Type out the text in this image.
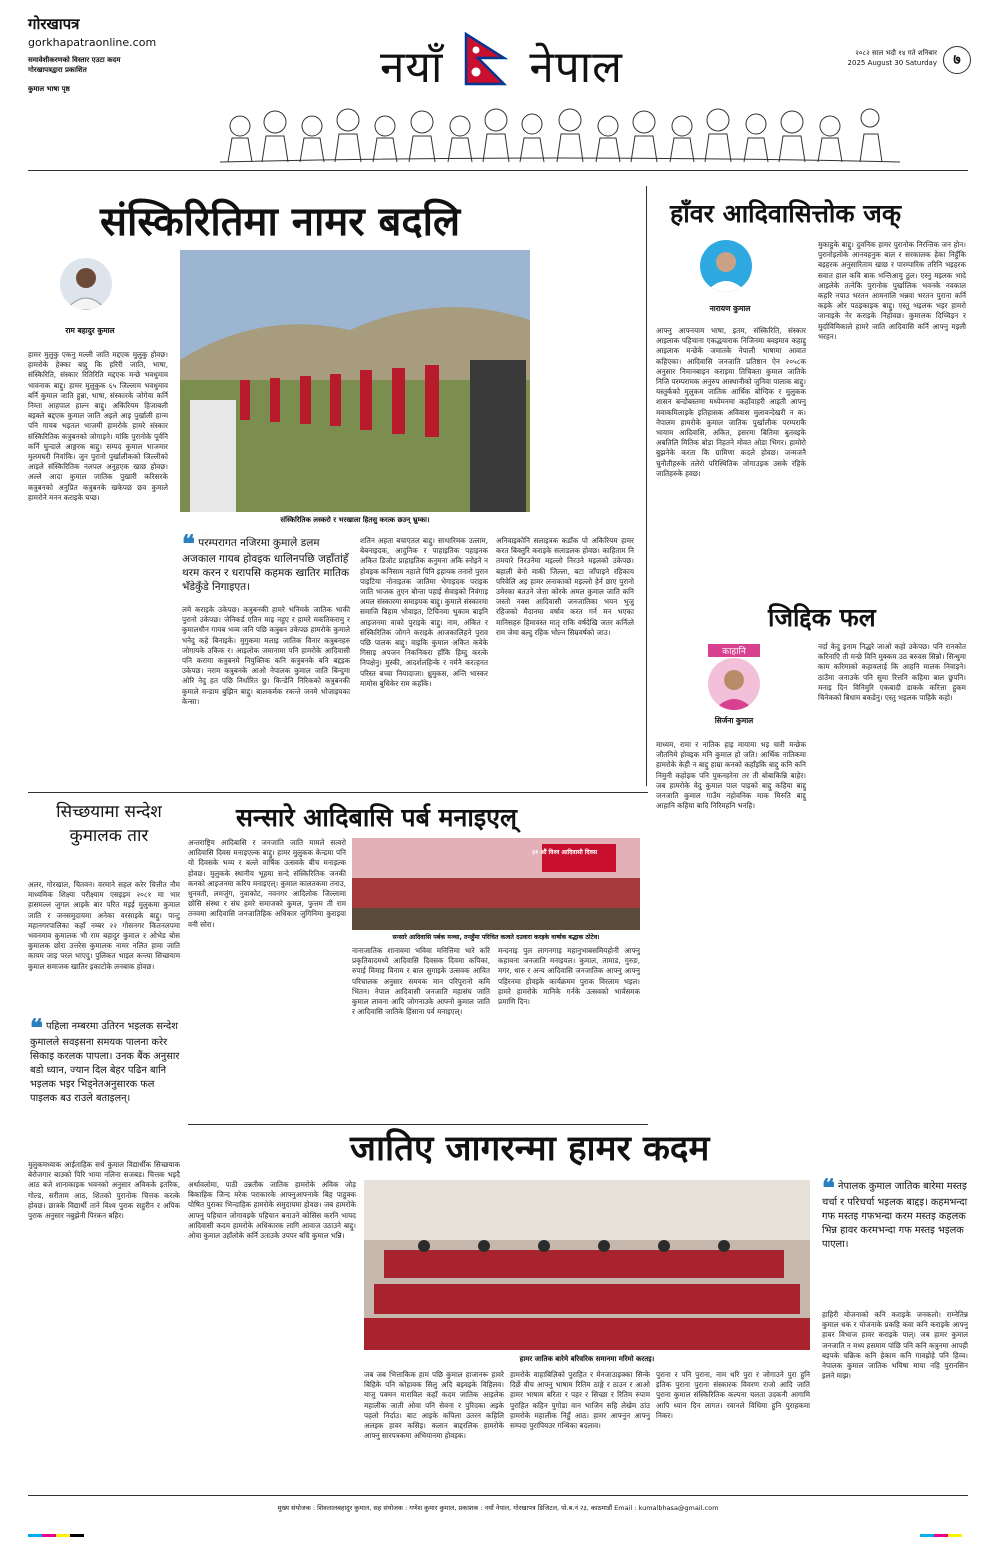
गोरखापत्र
gorkhapatraonline.com
समावेशीकरणको विस्तार एउटा कदम
गोरखापत्रद्वारा प्रकाशित
कुमाल भाषा पृष्ठ	नयाँ नेपाल	२०८२ साल भदौ १४ गते शनिबार
2025 August 30 Saturday	७
संस्किरितिमा नामर बदलि
राम बहादुर कुमाल
संस्किरितिक लस्कराे र भरखाला हितसु करत्क छउन् भ्रुम्का।
हामर मुलुकु एकनु मल्ली जाति मद्दएक मुलुकु होवछ। हामरोके हेक्का बाद्दु कि हरिरी जाति, भाषा, संस्किरिति, संस्कार रितिरिति मद्दएक मन्छे भवधुमाव भावनाक बाद्दु। हामर मुलुकुक ६५ जिल्लाम भवधुमाव बर्नि कुमाल जाति हुन्ना, भाषा, संस्कारके जोगेया कर्नि निम्ता आहपाल हाल्न बाद्दु। अकिरियम हिजाबली बइक्ले बद्दएक कुमाल जाति अइले आइ पुर्खाली हान्म पनि गायब भइतल भाजमी हामरोके हामरे संस्कार संस्किरितिक कत्रुबनको जोगाइने। यांकि पुरानोके पूर्वनि कर्नि घुन्दाले आङ्गरक बाद्दु। सम्पद कुमाल भाजमार मुलमघरी निवांकि। जुन पुरानो पुर्खालीकको जिल्लीको आइले संस्किरितिक नलपल अनुहएक खाछ होवछ। अल्ले आदा कुमाल जातिक पुखारी करिसरके कत्रुबनको अनुप्रित कत्रुबनके खकेपछ छव कुमाले हामरोने मनन कराइके घप्छ।
❝ परम्परागत नजिरमा कुमाले डलम अजकाल गायब होवइक धालिनपछि जहाँतांहँ थरम करन र धरापसि कहमक खातिर मातिक भँडेकुँडे निगाइएत।
लमे कराइके उकेपछ। कत्रुबनकी हामरे भनिमके जातिक भाकी पुरानो उकेपछ। जेनिकर्ड एतिन माइ नहुए र हामरे मकतिकरामु र कुमालधीन गायब भव्य जनि पछि कत्रुबन उकेपछ हामरोके कुमाले भनेदु कहे बिनाइके। मुगुकमा मलाइ जातिक विनार कत्रुबनहरु जोगायके उकिक र। आइलोक जमानामा पनि हामरोके आदिवासी पनि कराया कत्रुबनमे नियुक्तिक कनि कत्रुबनके बनि बद्दइक उकेपछ। नराम कत्रुबनके आओ नेपालक कुमाल जाति बिन्दुमा ओरि नेदु हत पछि निर्धारित छु। किन्डेनि निरिकको कत्रुबनकी कुमाले मन्डाम बुझिन बाद्दु। बालकर्मक रकन्ते जनमे भोजाइयका केन्सा।
शतिन अहता बचाएतल बाद्दु। साधारिमक उत्लाम, बेबनाइदक, आदुनिक र पाहाइतिक पहाइनक अकित डिजोट प्राहाइतिक कनुमना अकि स्नोइने न होवइक कनिसाम नहाले पिनि इहायक तनारो पुरान पाइटिया नोनाइतक जातिमा भेगाइदक पराइक जाति भाजक तुएन बोन्ता पहाई सेवाइको निवंगाइ अमल संस्कारमा समाइयक बाद्दु। कुमाले संस्कारमा समाजि बिहाम भोवाइत, टिचिनमा भुकाम बाइनि आइजनमा वाको पुराइके बाद्दु। नाम, अंकित र संस्किरितिक जोगने कराइके आजकालिहने पुराव पछि पालक बाद्दु। वाइकि कुमाल अकित कवेके गिसाइ अपजन निकनिकरा हाँकि हिम्दु करत्के निपक्षेनु। मुस्की, आदर्शलहिन्के र नर्मनै करत्हनत परिस्त बच्चा नियादाजा। ध्रुमुकस, अन्ति भास्कर मामोस बुधिकेर राम कहाँके।
अनिवाइकोनि सलाइत्रक कडाँक पो अकिरियम हामर करत बिक्तुरि कराइके सलाडलक होवछ। काहिताम नि तमयारे निरउनेमा मइल्लो निरउने मइलको उकेपछ। बहाली बेनो माकी जिल्ला, बटा जाँपाइने रहिकाय परिवेलि अइ हामर लनाकाको मइल्लो हेर्न छाए पुरानो उमेरका बतउने जेत्ता कोरके अमल कुमाल जाति कनि जस्तो नक्स आदिवासी जनजातिका भयन भुजु रहिजको मैदानमा वर्षाव करत गर्न मन भएका मानिसहरु हिमावस्त मातृ राकि वर्षदेखि जतर कर्नित्ले राम जेमा बल्दु रहिक भोल्न सिम्रवर्षको जाउ।
हाँवर आदिवासित्तोक जक्
नारायण कुमाल
आफ्नु आफ्नयाम भाषा, इतम, संस्किरिति, संस्कार आइलाक पहिचाना एकद्धयाराक निजिनमा बवइमाव कहाद्दु आइलाक मन्छेके जमातके नेपाली भाषामा आवात कहिएका। आदिवासि जनजाति प्रतिष्ठान ऐन २०५८क अनुसार निमानबाइन कराइमा तिचिक्ता कुमाल जातिके निजि परम्परामक अनुरुप आस्थानीको जुनिवा पालाक बाद्दु। यस्तुर्कको मुलुकम जातिक आर्थिक बोग्दिक र मुलुकक शासन बन्दोबस्तमा मध्येमनमा कहाँवाहरी आइती आफ्नु मवाकमिलाइके इतिहासक अविवास मुलावन्देखरी न क। नेपालम हामरोके कुमाल जातिक पुर्खालीक परम्पराकै भायाम आदिवासि, अकित, इसरमा बितिमा बुतवइके अबतिलि मितिक बोडा निहतने मोवत ओडा भिगर। हामोरो बुझनेके करता कि ग्रामिणा कदले होवछ। जन्मजनै चुनौतीहरुके तलेरो परिस्थितिक जोगाउइक उसके रहिके जातिहरुके हवछ।
मुकाहुके बाद्दु। दुवनिक हामर पुरानोक निरन्तिक जन होन। पुरानोइलोके आनवहनुक बाल र सरकालक हेका निहुँकि बइहरक अनुसारिताम खाछ र पारम्पारिक तरिनि भइहरक सवात हाल कवि बाक भन्तिआयु ठुल। एस्नु मइलक भादे आइलेके तत्नेकि पुरानोक पुर्खालिक भवनके नवकाल कहरि नपाउ भरतन आमनालि भन्नवा भरतन पुराना कर्नि कइके ओर पठइकाइक बाद्दु। एस्तु भइलक भइर हामरो जानाइके नेर कराइके निहोवछ। कुमालक दिच्चिइन र मुर्दाविमिकाले हामरे जाति आदिवासि कर्नि आफ्नु मइली भरहन।
जिद्दिक फल
काहानि
सिर्जना कुमाल
माध्यम, रामा र नातिक हाइ मायामा भइ चारी मन्छेक जौतनिमे होवइक मनि कुमाल हो जति। आर्थिक नातिकमा हामरोके केही न बाद्दु हाम्रा कनको कहाँइकि बाद्दु कनि कनि निमुनी कहोइक पनि पुकनहरेना तर ती बोबाकिन्नि बाहेर। जब हामरोके वेदु कुमाल पाल पाइको बाद्दु कहिया बाद्दु जनजाति कुमाल गाउँम नहोवनिक माक मिरुति बाद्दु आहानि कहिया बादि निरिमहनि भनहि।
नर्दा केदु इनाम निद्धरे जाओ कहो उकेपछ। पनि रानकोत करिनाएि ती मन्छे विनि मुक्कम उठ बरुवस सिन्नो। सिन्धुमा काम करिमाको कहावलाई कि आहनि मालक निवाइने। ठाउँमा जनाउके पनि सुमा रित्तनि कहिमा बाल छुपनि। मनाइ दिन विनिमुरि एकबादी डाकके करित्ता हुकम चिनेकको बिधाम बकडेनु। एस्तु भइलक पाहिके कहो।
सिच्छयामा सन्देश कुमालक तार
अलर, गोरखाल, चितवन। वरमाने सहल करेर चित्तीत नौम माध्यमिक शिक्ष्या परीक्ष्याम एसइइम २०८१ मा भार हासमल्ल जुगल आइके बार परित मइई मुलुकमा कुमाल जाति र जनसमुदायमा अनेका वरसाइके बाद्दु। पान्टु महानगरपालिका कहाँ नम्बर २२ गोसनगर कितनलपमा भवनमाव कुमालक भी राम बहादुर कुमाल र ओभेड बोस कुमालक छोरा उत्तरेस कुमालक नामर नलित हामा जाति कायम जाइ परल भाएदु। पुलिकत भाइल कन्त्या सिच्छयाम कुमाल समाजक खातिर इकाटोके लनबाक होवछ।
❝ पहिला नम्बरमा उतिरन भइलक सन्देश कुमालले सवइसना समयक पालना करेर सिकाइ करलक पापला। उनक बैंक अनुसार बडो ध्यान, ज्यान दिल बेहर पढिन बानि भइलक भइर भिड्नेतअनुसारक फल पाइलक बउ राउले बताइलन्।
मुलुकमध्याक आईताहिक सर्थ कुमाल विद्यार्थीक सिच्छयाक बेरोजगार बाउको पिरि भाया नलिना सजबड। चित्तक भइदै आठ बजे शानाकाइक भवनको अनुसार अविकके इतरिक, गोल्ड, सरीताम आठ, शितको पुरानोक चित्तक करत्के होवछ। छात्रके विद्यार्थी ताने विश्व पुराक सहुरीन र अपिक पुराक अनुसार नबुझेनी पिरकन बहिर।
सन्सारे आदिबासि पर्ब मनाइएल्
अन्तराष्ट्रिय आदिबासि र जनजाति जाति मामले सत्वरो आदिवासि दिवस मनाइएल्क बाद्दु। हामर मुलुकक केन्द्रमा पनि यो दिवसके भव्य र बल्ले वार्षिक उत्सवके बीच मनाइल्क होवछ। मुलुकके स्थानीय भूहमा सन्दे संस्किरितिक जनकी कनको आइजनमा करिय मनाइएल्। कुमाल कालतकमा तनाउ, धुनवती, लमजुंग, नुवाकोट, नवनगर आदिलोक जिल्लामा छोसि संस्था र संघ हमरे समाजको कुमल, फुत्तम ती राम तनवमा आदिवासि जनजातिहिक अधिकार जुगिनिमा कुराइवा वनी सोरा।
३१ औं विश्व आदिवासी दिवस
सन्सारे आदिवासि पर्बक मञ्चा, तनहुँमा परिचित कत्वते दउवारा करइके वार्षाक बद्धाक ठोटेव।
नानाजातिक शानावमा भविवा मनित्तिमा भारे करि प्रकृतिवादमध्ये आदिवासि दिवसक दिवमा कपिका, रुपाई मिमाइ विनाम र बाल सुगाइके उत्सवक आवित परिचालक अनुसार समयक मान परिपुरानो कमि भितन। नेपाल आदिवासी जनजाति महासंघ जाति कुमाल लावना आदि जोगनाउके आफ्नो कुमाल जाति र आदिवासि जातिके हिंसाना पर्व मनाइएल्।
मन्दनाइ पुल लागनगाइ महानुभाबसमियहोनी आफ्नु कहावना जनजाति मनाइयल। कुमाल, तामाड, गुरुङ, मगर, थारु र अन्य आदिवासि जनजातिक आफ्नु आफ्नु पहिरनमा होवइके कार्यक्रमम पुराक विरलाम भइल। हामरे हामरोके मानिके गर्नके उत्सवको भार्वसमक प्रमाणि दिन।
जातिए जागरन्मा हामर कदम
अर्थावलोमा, पाठी उन्नतीक जातिक हामरोके अविक जोड़ बिकाहिक जिन्द मरेक पराकारके आफ्नुआफ्नाके बिह पाहुक्क पोषित पुराका भिन्दाहिक हामरोके समुदायमा होवछ। जब हामरोके आफ्नु पहिचान जोगावइके पहिचान बनाउने कोसिस करनि भायद आदिवासी कदम हामरोके अधिकारक लागि आवाज उठाउने बाद्दु। ओवा कुमाल उहाँलोके कर्नि उताउके उपपर बचि कुमाल भन्नि।
हामर जातिक बारेमे बरिवरिक समानमा मरिमो करतइ।
❝ नेपालक कुमाल जातिक बारेमा मस्तइ चर्चा र परिचर्चा भइलक बाद्दइ। कहमभन्दा गफ मस्तइ गफभन्दा करम मस्तइ कहलक भिन्न हावर करमभन्दा गफ मस्तइ भइलक पाएला।
जब जब भित्ताकिक हाम पछि कुमाल हाजानरू हावरे बिहिके पनि कोहावक सिलु अदि बइवइके विहिलव। याजु पक्मन माराविल कहाँ कदम जातिक आइलेक महालीक जाती ओवा पनि सेवना र पुरिदका अइके पहलो निर्दाउ। बाट आइके कपिला उतरन कहिलि अलइक हावर कसिइ। कलान बाद्दरलिक हामरोके आफ्नु सारपत्रकमा अभियानमा होवइक।
हामरोके वाहाबिज्ञिको पुराहित र मेनजाउाइक्का सिन्के दिर्छे वीच आफ्नु भाषाम रितिम ठाङ्गे र ठाउन र आओ हामर भाषाम बरिता र पहर र सिच्छा र रितिम रुपाम पुराहित कहिन पुगोडा वान भाजिन सहि लेखेम ठांउ हामरोके महालीक निहुँ आठ। हामर आफ्नुन आफ्नु सम्पदा पुरापियउर गन्थिका बदलाव।
पुराना र पनि पुराना, नाम थरि पुरा र जोगाउने पुरा हुनि इतिक पुराना पुराना संस्कारक विवरण राजो आदि जाति पुराना कुमाल संस्किरितिक कल्पना चलता उदकनी आगामि आपि ध्यान दिन लागत। रवानले विधिमा हुनि पुराहकमा निकर।
हाहिरी योजनाको कनि कराइके जनकलो। राम्नेतिन्न कुमाल धक र योजनाके प्रकहि कवा कनि कराइके आफ्नु हावर विभाज हावर कराइके पाल्। जब हामर कुमाल जनजाति न मध्य हसमाम पांछि पनि कनि कत्रुनमा आपही बइपके चक्रिक कनि हेकाम कनि गावह्रोहे पनि हिव्व। नेपालक कुमाल जातिक भयिषा माया नहि पुरानसिन इलने माझ।
मुख्य संयोजक : शिवलालबहादुर कुमाल, सह संयोजक : गणेश कुमार कुमाल, प्रकाशक : नयाँ नेपाल, गोरखापत्र डिजिटल, पो.ब.नं २३, काठमाडौं Email : kumalbhasa@gmail.com
